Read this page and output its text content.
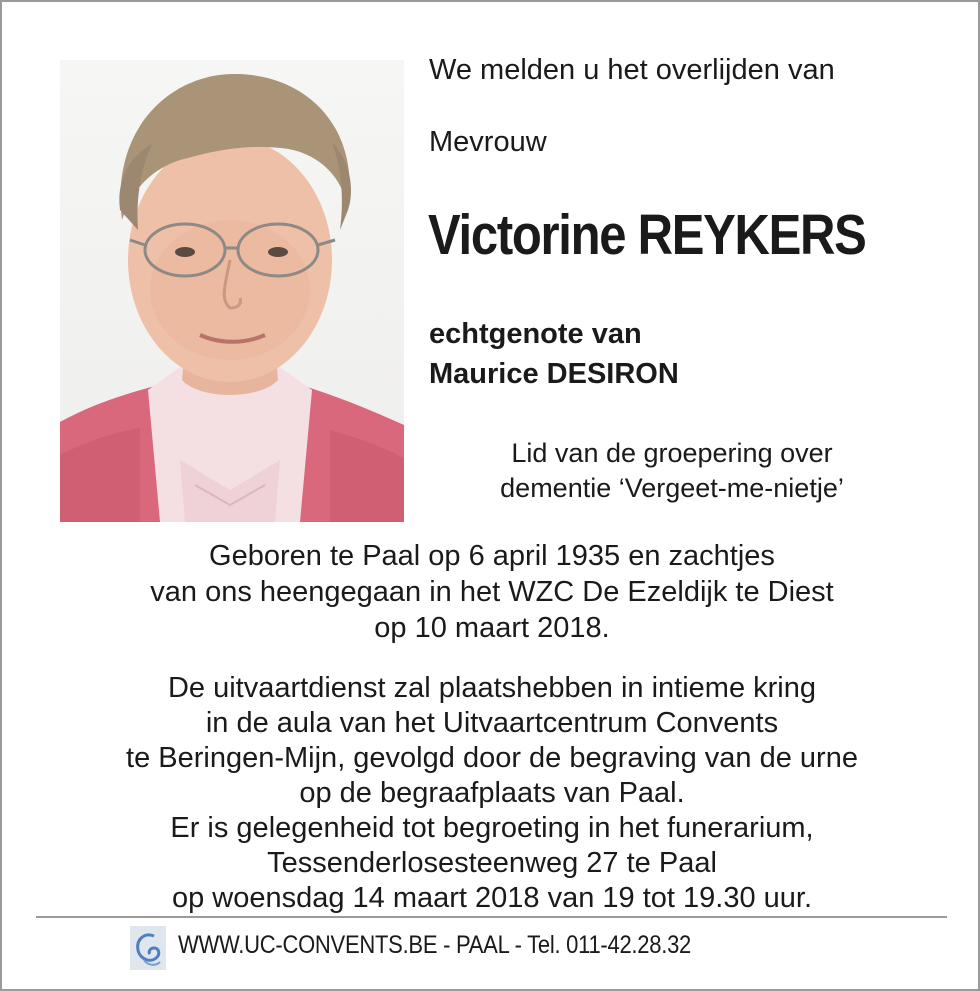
We melden u het overlijden van
Mevrouw
Victorine REYKERS
echtgenote van
Maurice DESIRON
Lid van de groepering over
dementie ‘Vergeet-me-nietje’
Geboren te Paal op 6 april 1935 en zachtjes
van ons heengegaan in het WZC De Ezeldijk te Diest
op 10 maart 2018.
De uitvaartdienst zal plaatshebben in intieme kring
in de aula van het Uitvaartcentrum Convents
te Beringen-Mijn, gevolgd door de begraving van de urne
op de begraafplaats van Paal.
Er is gelegenheid tot begroeting in het funerarium,
Tessenderlosesteenweg 27 te Paal
op woensdag 14 maart 2018 van 19 tot 19.30 uur.
WWW.UC-CONVENTS.BE - PAAL - Tel. 011-42.28.32
